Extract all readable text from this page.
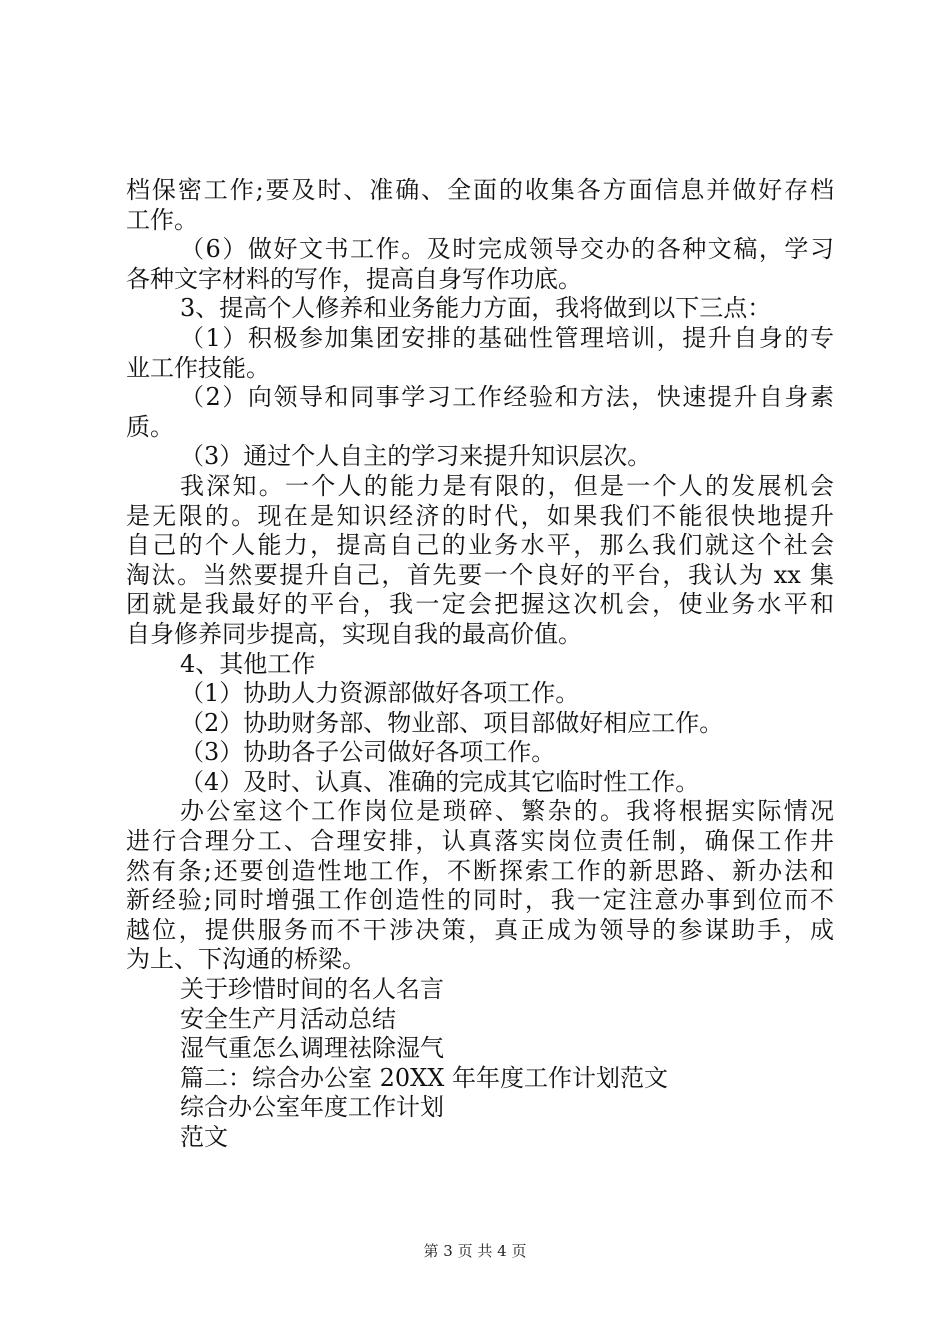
档保密工作;要及时、准确、全面的收集各方面信息并做好存档
工作。
（6）做好文书工作。及时完成领导交办的各种文稿，学习
各种文字材料的写作，提高自身写作功底。
3、提高个人修养和业务能力方面，我将做到以下三点：
（1）积极参加集团安排的基础性管理培训，提升自身的专
业工作技能。
（2）向领导和同事学习工作经验和方法，快速提升自身素
质。
（3）通过个人自主的学习来提升知识层次。
我深知。一个人的能力是有限的，但是一个人的发展机会
是无限的。现在是知识经济的时代，如果我们不能很快地提升
自己的个人能力，提高自己的业务水平，那么我们就这个社会
淘汰。当然要提升自己，首先要一个良好的平台，我认为 xx 集
团就是我最好的平台，我一定会把握这次机会，使业务水平和
自身修养同步提高，实现自我的最高价值。
4、其他工作
（1）协助人力资源部做好各项工作。
（2）协助财务部、物业部、项目部做好相应工作。
（3）协助各子公司做好各项工作。
（4）及时、认真、准确的完成其它临时性工作。
办公室这个工作岗位是琐碎、繁杂的。我将根据实际情况
进行合理分工、合理安排，认真落实岗位责任制，确保工作井
然有条;还要创造性地工作，不断探索工作的新思路、新办法和
新经验;同时增强工作创造性的同时，我一定注意办事到位而不
越位，提供服务而不干涉决策，真正成为领导的参谋助手，成
为上、下沟通的桥梁。
关于珍惜时间的名人名言
安全生产月活动总结
湿气重怎么调理祛除湿气
篇二：综合办公室 20XX 年年度工作计划范文
综合办公室年度工作计划
范文
第 3 页 共 4 页
